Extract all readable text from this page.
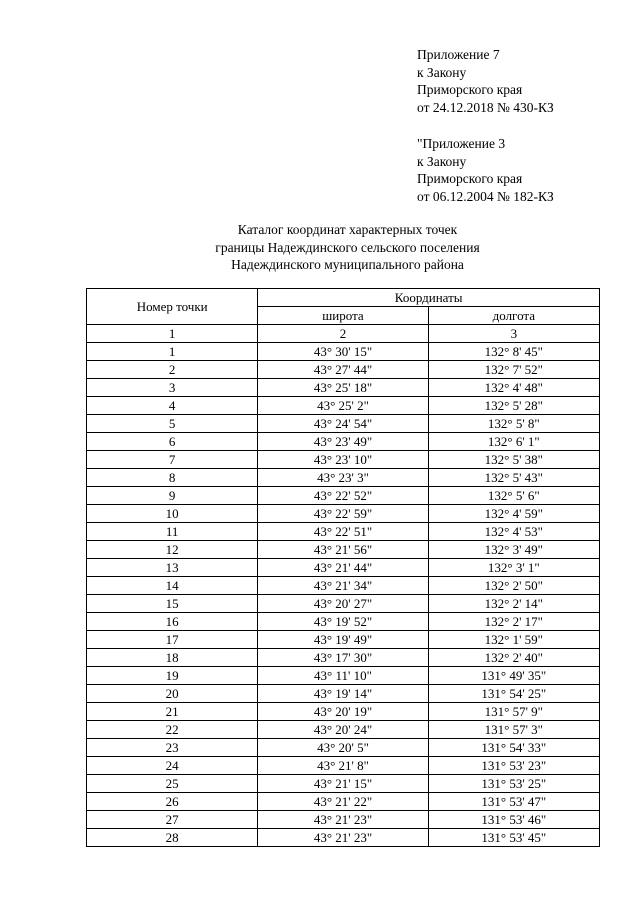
Приложение 7
к Закону
Приморского края
от 24.12.2018 № 430-КЗ
"Приложение 3
к Закону
Приморского края
от 06.12.2004 № 182-КЗ
Каталог координат характерных точек
границы Надеждинского сельского поселения
Надеждинского муниципального района
Номер точки	Координаты	
	широта	долгота
1	2	3
1	43° 30' 15"	132° 8' 45"
2	43° 27' 44"	132° 7' 52"
3	43° 25' 18"	132° 4' 48"
4	43° 25' 2"	132° 5' 28"
5	43° 24' 54"	132° 5' 8"
6	43° 23' 49"	132° 6' 1"
7	43° 23' 10"	132° 5' 38"
8	43° 23' 3"	132° 5' 43"
9	43° 22' 52"	132° 5' 6"
10	43° 22' 59"	132° 4' 59"
11	43° 22' 51"	132° 4' 53"
12	43° 21' 56"	132° 3' 49"
13	43° 21' 44"	132° 3' 1"
14	43° 21' 34"	132° 2' 50"
15	43° 20' 27"	132° 2' 14"
16	43° 19' 52"	132° 2' 17"
17	43° 19' 49"	132° 1' 59"
18	43° 17' 30"	132° 2' 40"
19	43° 11' 10"	131° 49' 35"
20	43° 19' 14"	131° 54' 25"
21	43° 20' 19"	131° 57' 9"
22	43° 20' 24"	131° 57' 3"
23	43° 20' 5"	131° 54' 33"
24	43° 21' 8"	131° 53' 23"
25	43° 21' 15"	131° 53' 25"
26	43° 21' 22"	131° 53' 47"
27	43° 21' 23"	131° 53' 46"
28	43° 21' 23"	131° 53' 45"
